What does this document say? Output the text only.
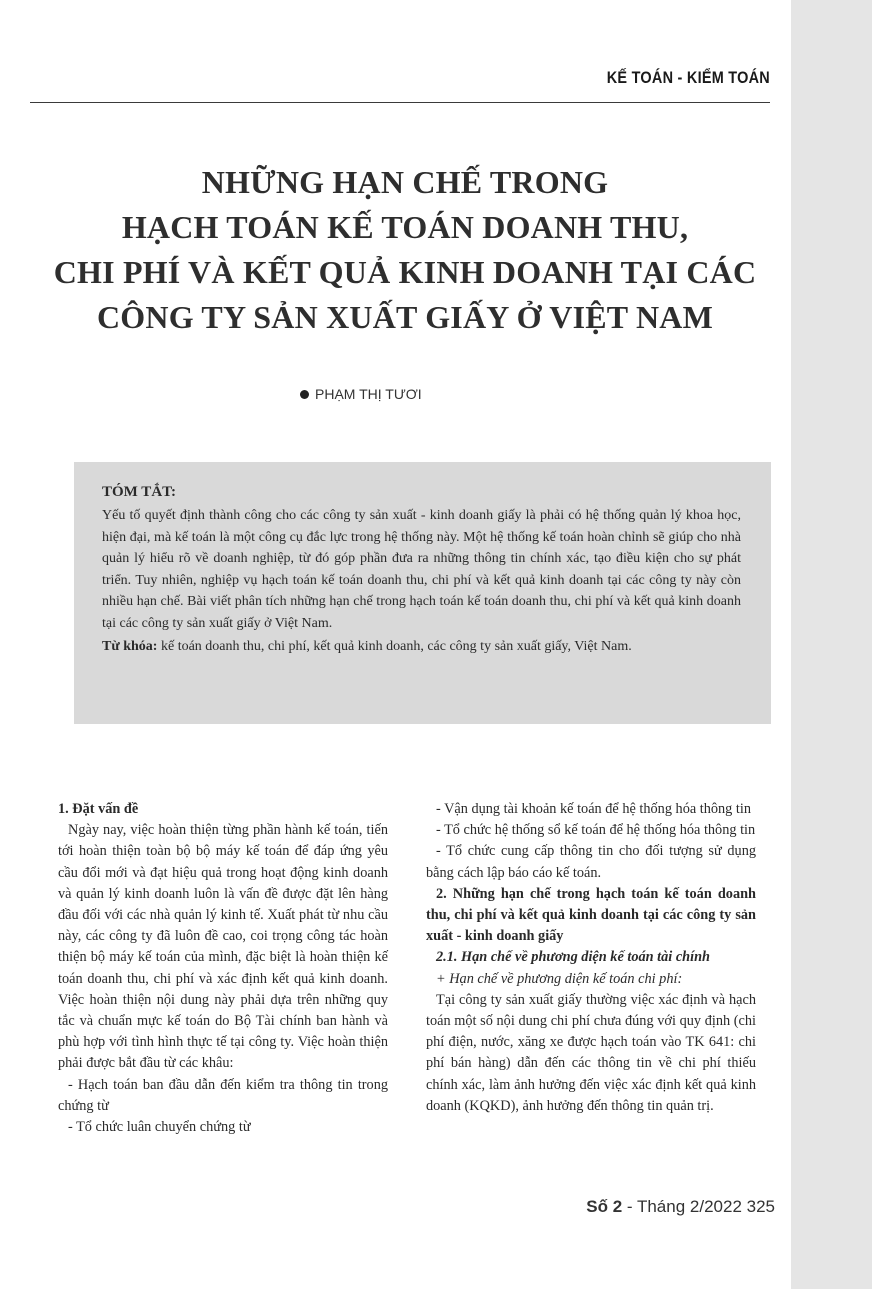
KẾ TOÁN - KIỂM TOÁN
NHỮNG HẠN CHẾ TRONG
HẠCH TOÁN KẾ TOÁN DOANH THU,
CHI PHÍ VÀ KẾT QUẢ KINH DOANH TẠI CÁC
CÔNG TY SẢN XUẤT GIẤY Ở VIỆT NAM
PHẠM THỊ TƯƠI

TÓM TẮT:

Yếu tố quyết định thành công cho các công ty sản xuất - kinh doanh giấy là phải có hệ thống quản lý khoa học, hiện đại, mà kế toán là một công cụ đắc lực trong hệ thống này. Một hệ thống kế toán hoàn chỉnh sẽ giúp cho nhà quản lý hiểu rõ về doanh nghiệp, từ đó góp phần đưa ra những thông tin chính xác, tạo điều kiện cho sự phát triển. Tuy nhiên, nghiệp vụ hạch toán kế toán doanh thu, chi phí và kết quả kinh doanh tại các công ty này còn nhiều hạn chế. Bài viết phân tích những hạn chế trong hạch toán kế toán doanh thu, chi phí và kết quả kinh doanh tại các công ty sản xuất giấy ở Việt Nam.
Từ khóa: kế toán doanh thu, chi phí, kết quả kinh doanh, các công ty sản xuất giấy, Việt Nam.

1. Đặt vấn đề

Ngày nay, việc hoàn thiện từng phần hành kế toán, tiến tới hoàn thiện toàn bộ bộ máy kế toán để đáp ứng yêu cầu đổi mới và đạt hiệu quả trong hoạt động kinh doanh và quản lý kinh doanh luôn là vấn đề được đặt lên hàng đầu đối với các nhà quản lý kinh tế. Xuất phát từ nhu cầu này, các công ty đã luôn đề cao, coi trọng công tác hoàn thiện bộ máy kế toán của mình, đặc biệt là hoàn thiện kế toán doanh thu, chi phí và xác định kết quả kinh doanh. Việc hoàn thiện nội dung này phải dựa trên những quy tắc và chuẩn mực kế toán do Bộ Tài chính ban hành và phù hợp với tình hình thực tế tại công ty. Việc hoàn thiện phải được bắt đầu từ các khâu:

- Hạch toán ban đầu dẫn đến kiểm tra thông tin trong chứng từ

- Tổ chức luân chuyển chứng từ

- Vận dụng tài khoản kế toán để hệ thống hóa thông tin

- Tổ chức hệ thống sổ kế toán để hệ thống hóa thông tin

- Tổ chức cung cấp thông tin cho đối tượng sử dụng bằng cách lập báo cáo kế toán.

2. Những hạn chế trong hạch toán kế toán doanh thu, chi phí và kết quả kinh doanh tại các công ty sản xuất - kinh doanh giấy

2.1. Hạn chế về phương diện kế toán tài chính

+ Hạn chế về phương diện kế toán chi phí:

Tại công ty sản xuất giấy thường việc xác định và hạch toán một số nội dung chi phí chưa đúng với quy định (chi phí điện, nước, xăng xe được hạch toán vào TK 641: chi phí bán hàng) dẫn đến các thông tin về chi phí thiếu chính xác, làm ảnh hưởng đến việc xác định kết quả kinh doanh (KQKD), ảnh hưởng đến thông tin quản trị.

Số 2 - Tháng 2/2022 325
